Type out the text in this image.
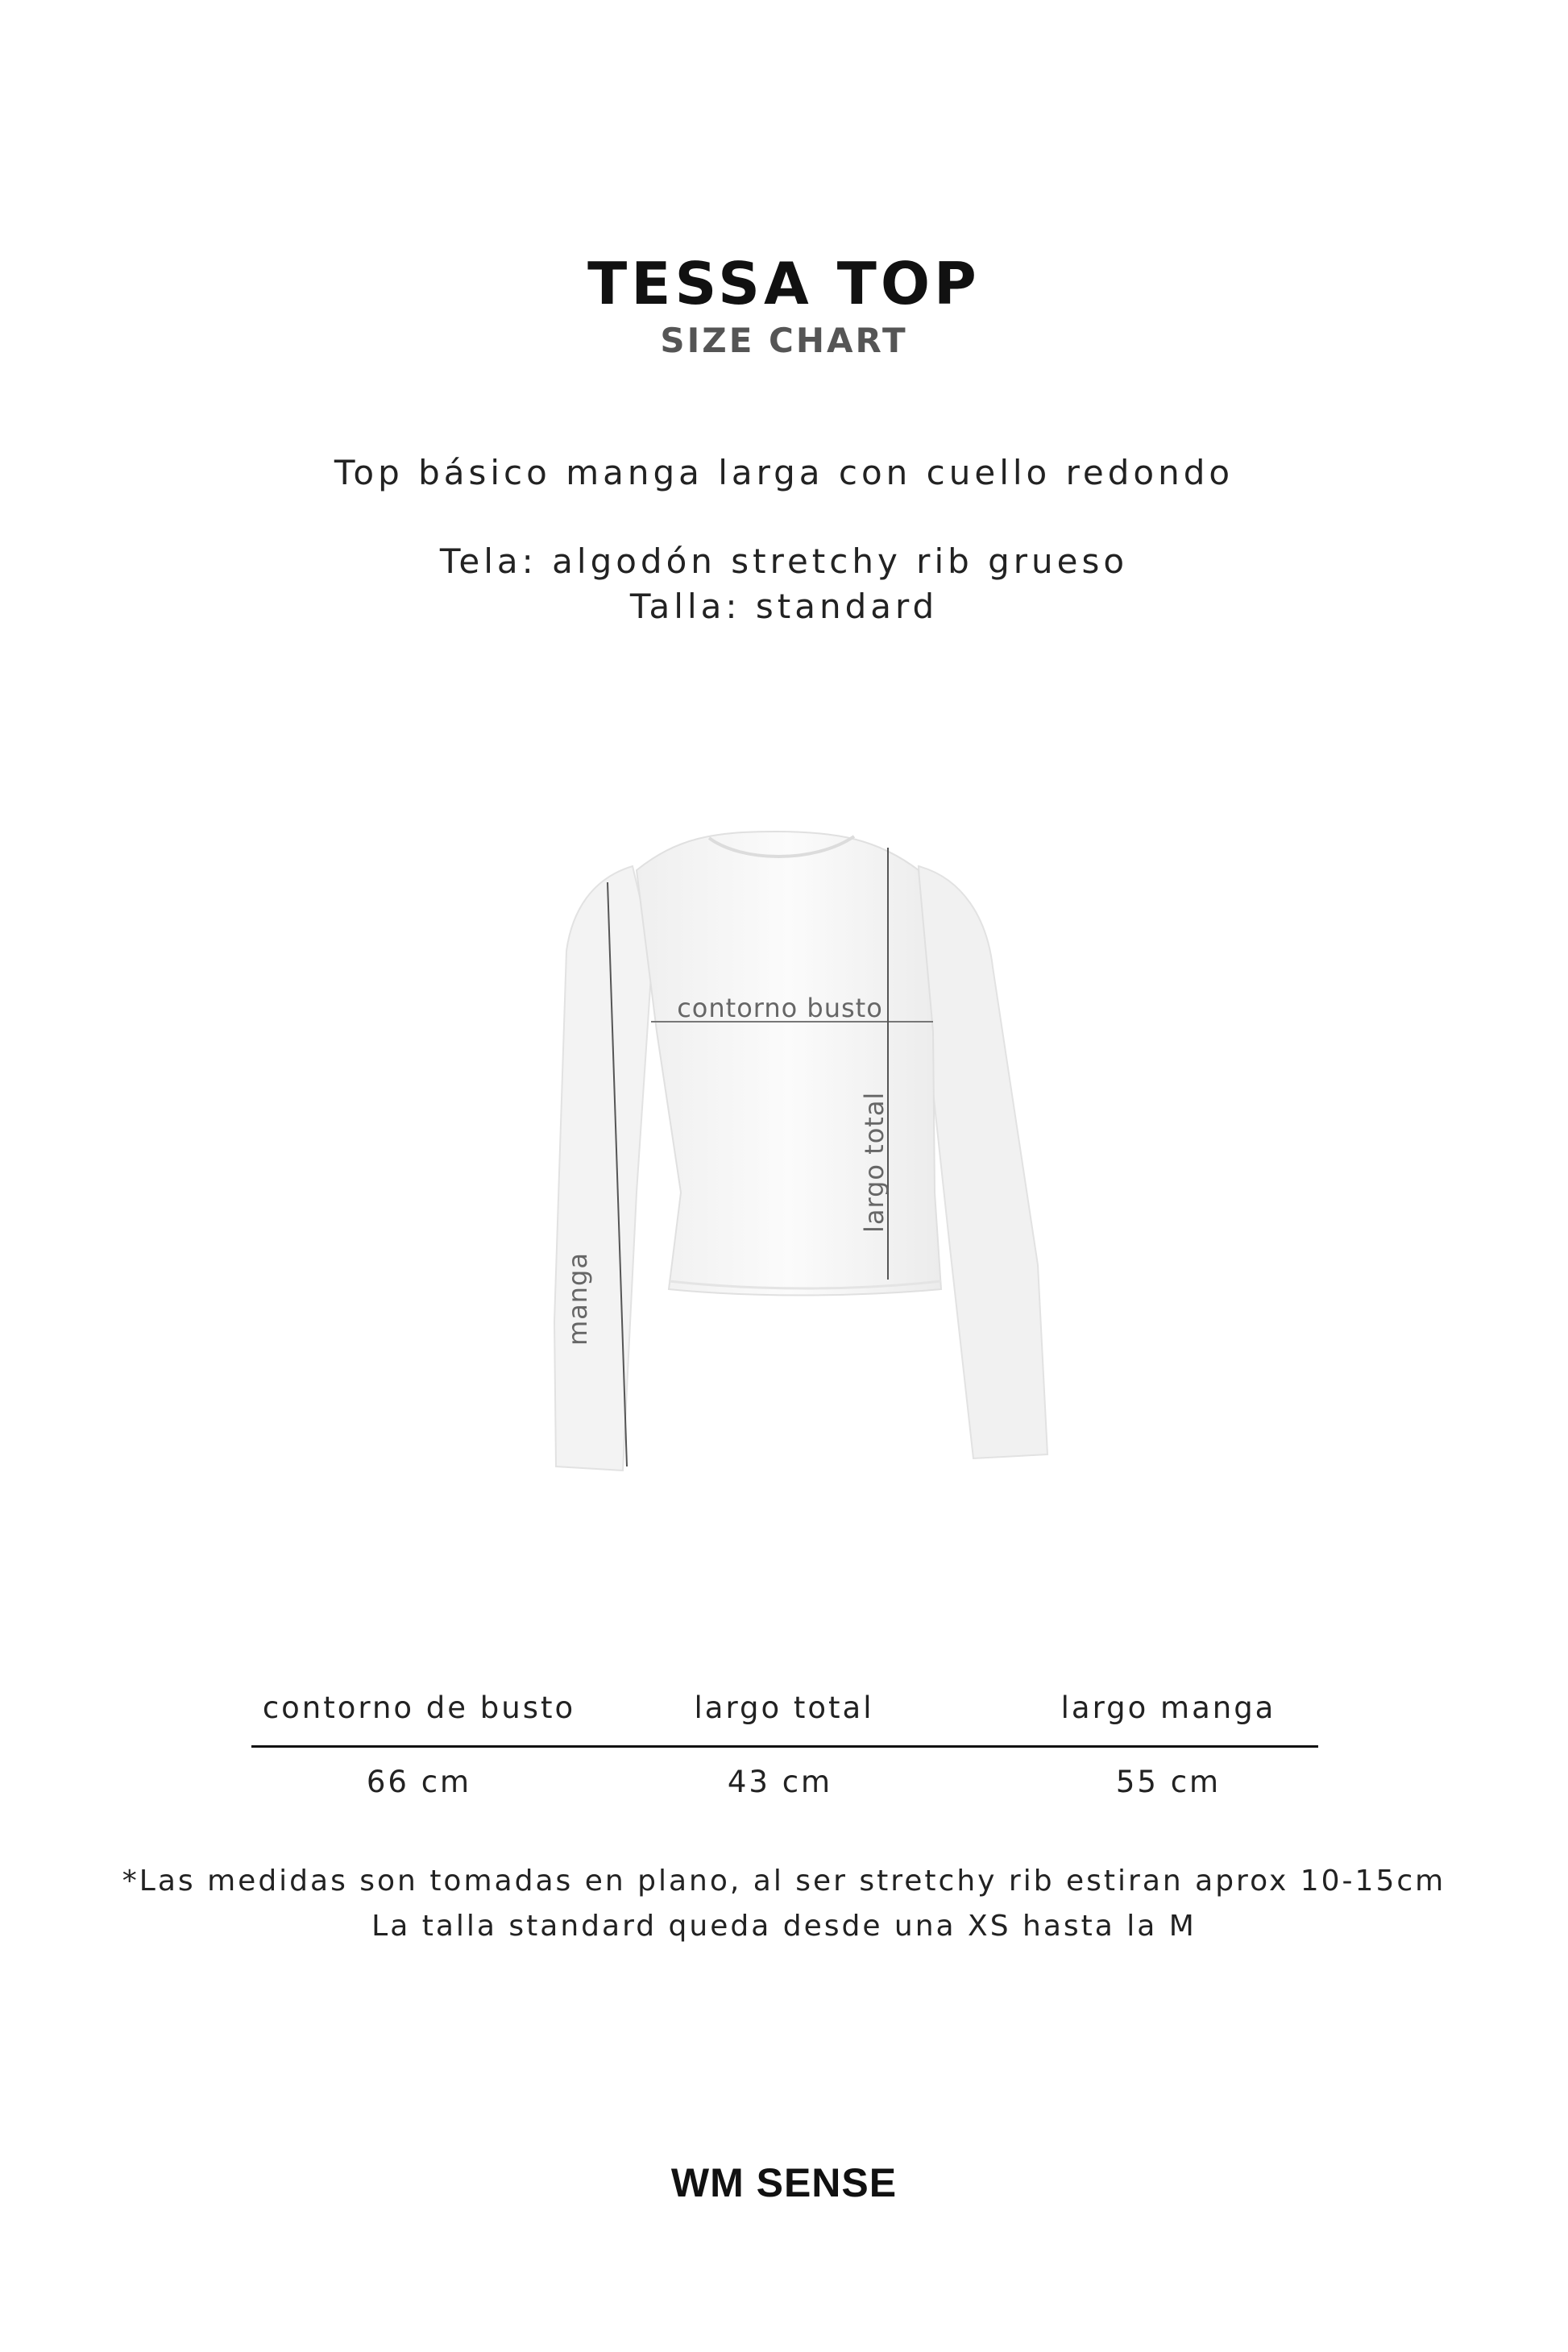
TESSA TOP
SIZE CHART
Top básico manga larga con cuello redondo
Tela: algodón stretchy rib grueso
Talla: standard
contorno busto
largo total
manga
contorno de busto	largo total	largo manga
66 cm	43 cm	55 cm
*Las medidas son tomadas en plano, al ser stretchy rib estiran aprox 10-15cm
La talla standard queda desde una XS hasta la M
WM SENSE
